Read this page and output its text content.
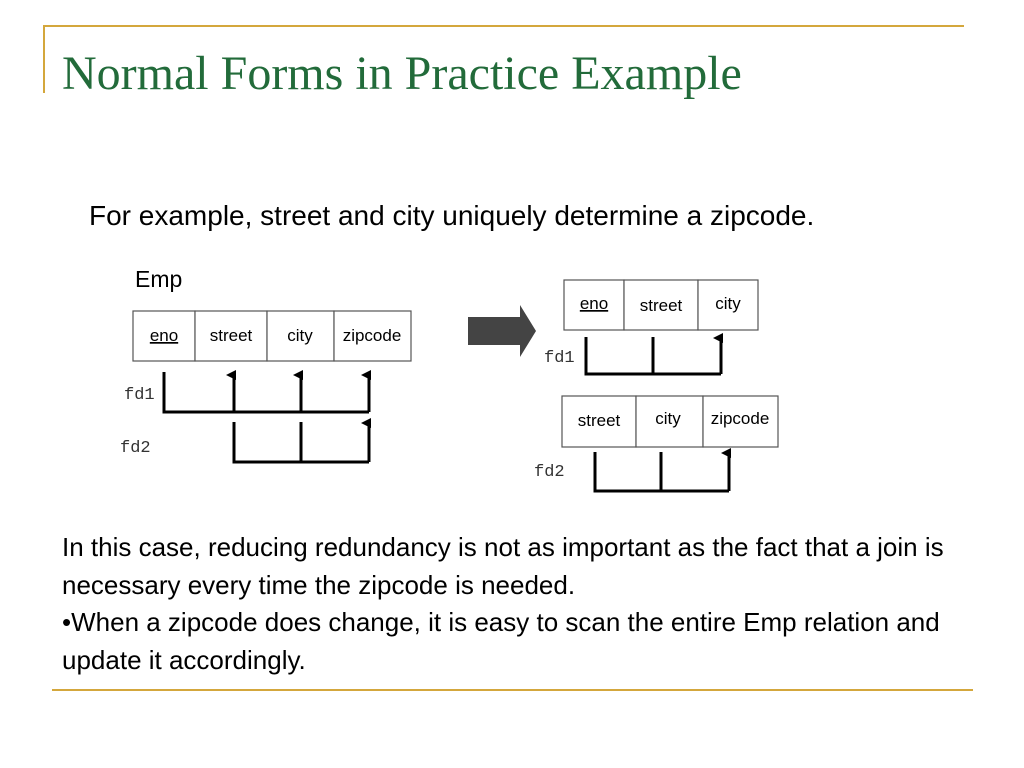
Normal Forms in Practice Example

For example, street and city uniquely determine a zipcode.

Emp
eno street city zipcode
fd1
fd2
eno street city
fd1
street city zipcode
fd2

In this case, reducing redundancy is not as important as the fact that a join is necessary every time the zipcode is needed.

•When a zipcode does change, it is easy to scan the entire Emp relation and update it accordingly.
